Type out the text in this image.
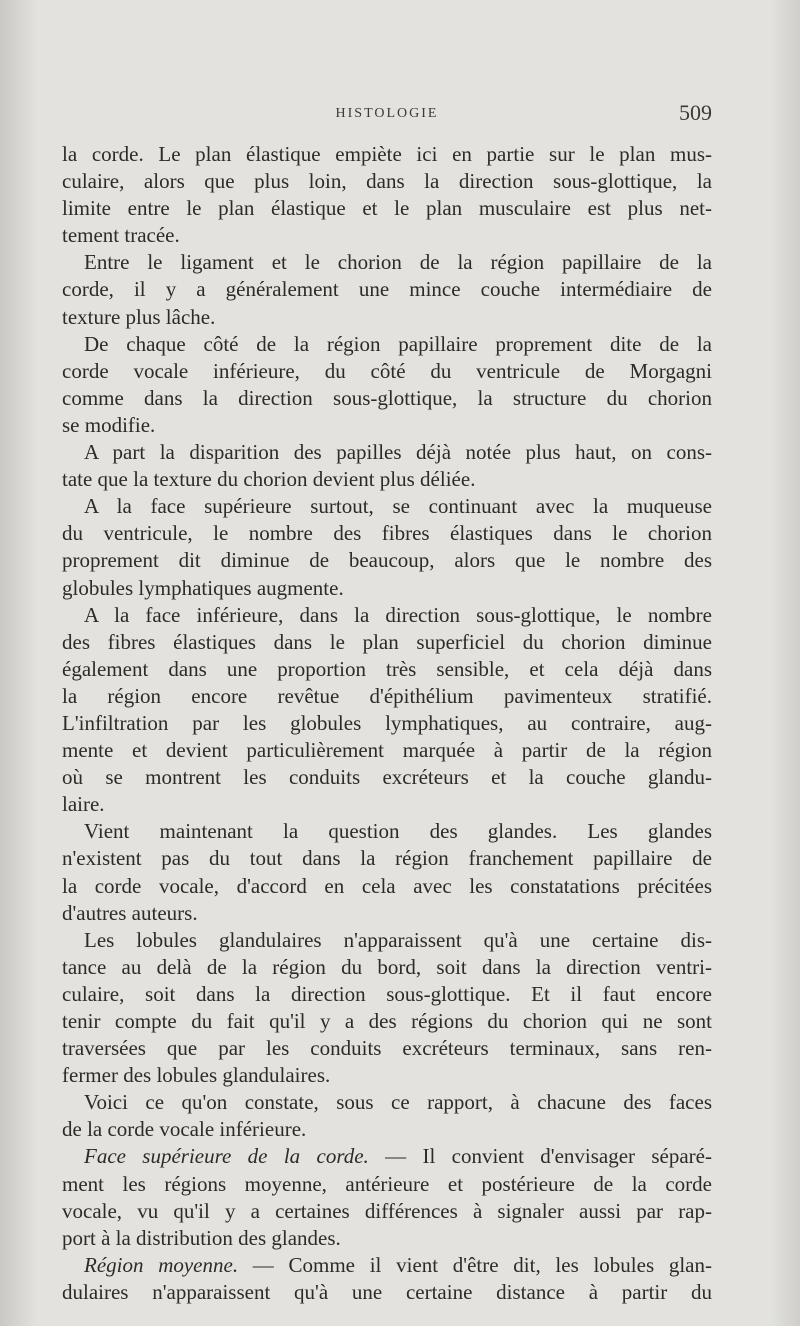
HISTOLOGIE	509
la corde. Le plan élastique empiète ici en partie sur le plan mus-
culaire, alors que plus loin, dans la direction sous-glottique, la
limite entre le plan élastique et le plan musculaire est plus net-
tement tracée.
Entre le ligament et le chorion de la région papillaire de la
corde, il y a généralement une mince couche intermédiaire de
texture plus lâche.
De chaque côté de la région papillaire proprement dite de la
corde vocale inférieure, du côté du ventricule de Morgagni
comme dans la direction sous-glottique, la structure du chorion
se modifie.
A part la disparition des papilles déjà notée plus haut, on cons-
tate que la texture du chorion devient plus déliée.
A la face supérieure surtout, se continuant avec la muqueuse
du ventricule, le nombre des fibres élastiques dans le chorion
proprement dit diminue de beaucoup, alors que le nombre des
globules lymphatiques augmente.
A la face inférieure, dans la direction sous-glottique, le nombre
des fibres élastiques dans le plan superficiel du chorion diminue
également dans une proportion très sensible, et cela déjà dans
la région encore revêtue d'épithélium pavimenteux stratifié.
L'infiltration par les globules lymphatiques, au contraire, aug-
mente et devient particulièrement marquée à partir de la région
où se montrent les conduits excréteurs et la couche glandu-
laire.
Vient maintenant la question des glandes. Les glandes
n'existent pas du tout dans la région franchement papillaire de
la corde vocale, d'accord en cela avec les constatations précitées
d'autres auteurs.
Les lobules glandulaires n'apparaissent qu'à une certaine dis-
tance au delà de la région du bord, soit dans la direction ventri-
culaire, soit dans la direction sous-glottique. Et il faut encore
tenir compte du fait qu'il y a des régions du chorion qui ne sont
traversées que par les conduits excréteurs terminaux, sans ren-
fermer des lobules glandulaires.
Voici ce qu'on constate, sous ce rapport, à chacune des faces
de la corde vocale inférieure.
Face supérieure de la corde. — Il convient d'envisager séparé-
ment les régions moyenne, antérieure et postérieure de la corde
vocale, vu qu'il y a certaines différences à signaler aussi par rap-
port à la distribution des glandes.
Région moyenne. — Comme il vient d'être dit, les lobules glan-
dulaires n'apparaissent qu'à une certaine distance à partir du
